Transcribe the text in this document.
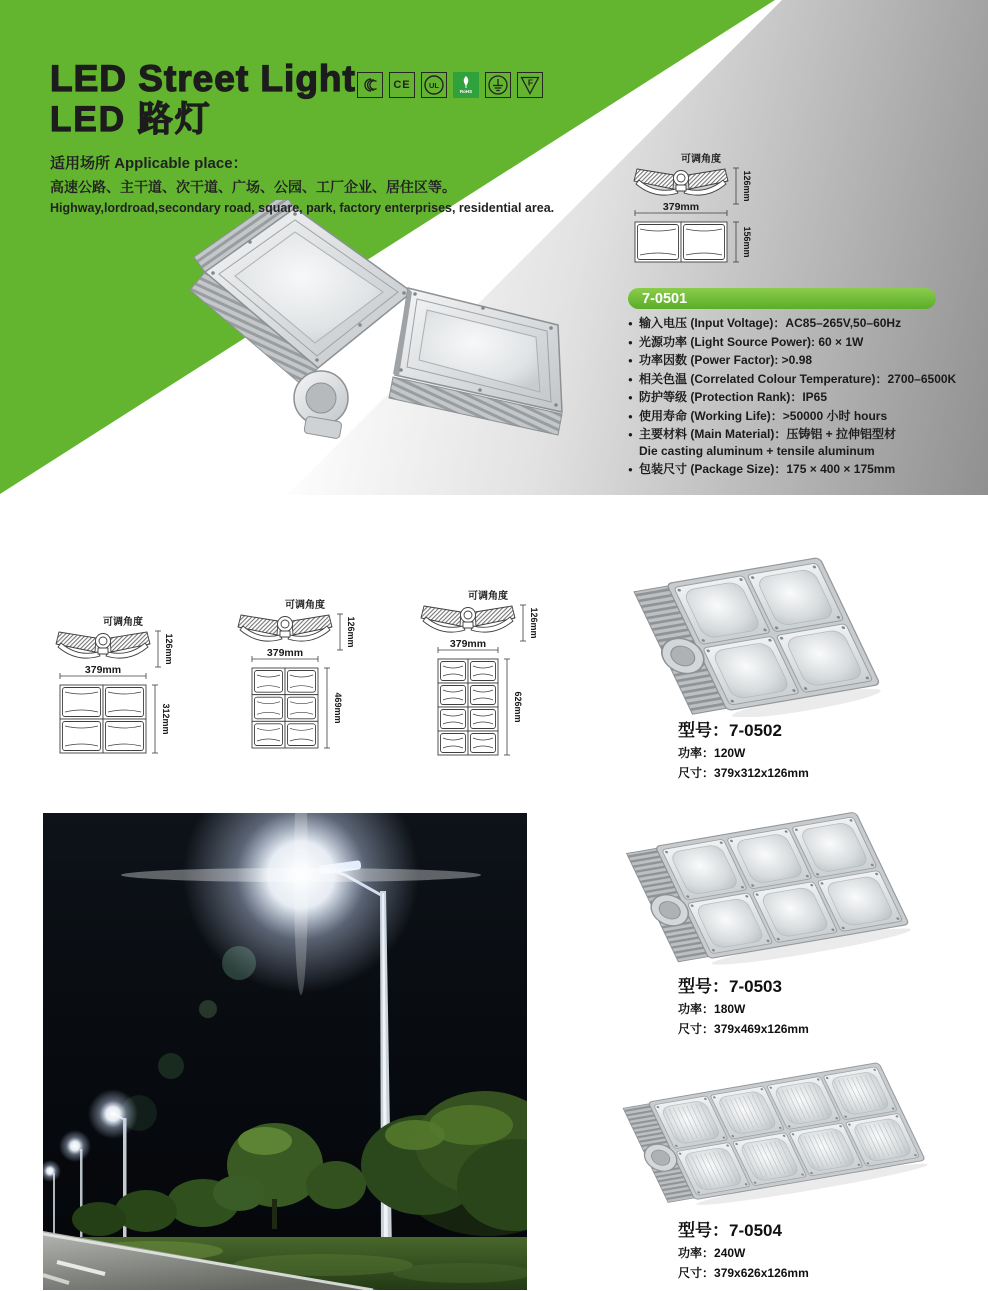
LED Street Light
LED 路灯
适用场所 Applicable place：
高速公路、主干道、次干道、广场、公园、工厂企业、居住区等。
Highway,lordroad,secondary road, square, park, factory enterprises, residential area.
CE UL
RoHS
F
7-0501
● 输入电压 (Input Voltage)：AC85–265V,50–60Hz
● 光源功率 (Light Source Power): 60 × 1W
● 功率因数 (Power Factor): >0.98
● 相关色温 (Correlated Colour Temperature)：2700–6500K
● 防护等级 (Protection Rank)：IP65
● 使用寿命 (Working Life)：>50000 小时 hours
● 主要材料 (Main Material)：压铸铝 + 拉伸铝型材
Die casting aluminum + tensile aluminum
● 包装尺寸 (Package Size)：175 × 400 × 175mm
可调角度
126mm
379mm
156mm
可调角度
126mm
379mm
312mm
可调角度
126mm
379mm
469mm
可调角度
126mm
379mm
626mm
型号：7-0502
功率：120W
尺寸：379x312x126mm
型号：7-0503
功率：180W
尺寸：379x469x126mm
型号：7-0504
功率：240W
尺寸：379x626x126mm
